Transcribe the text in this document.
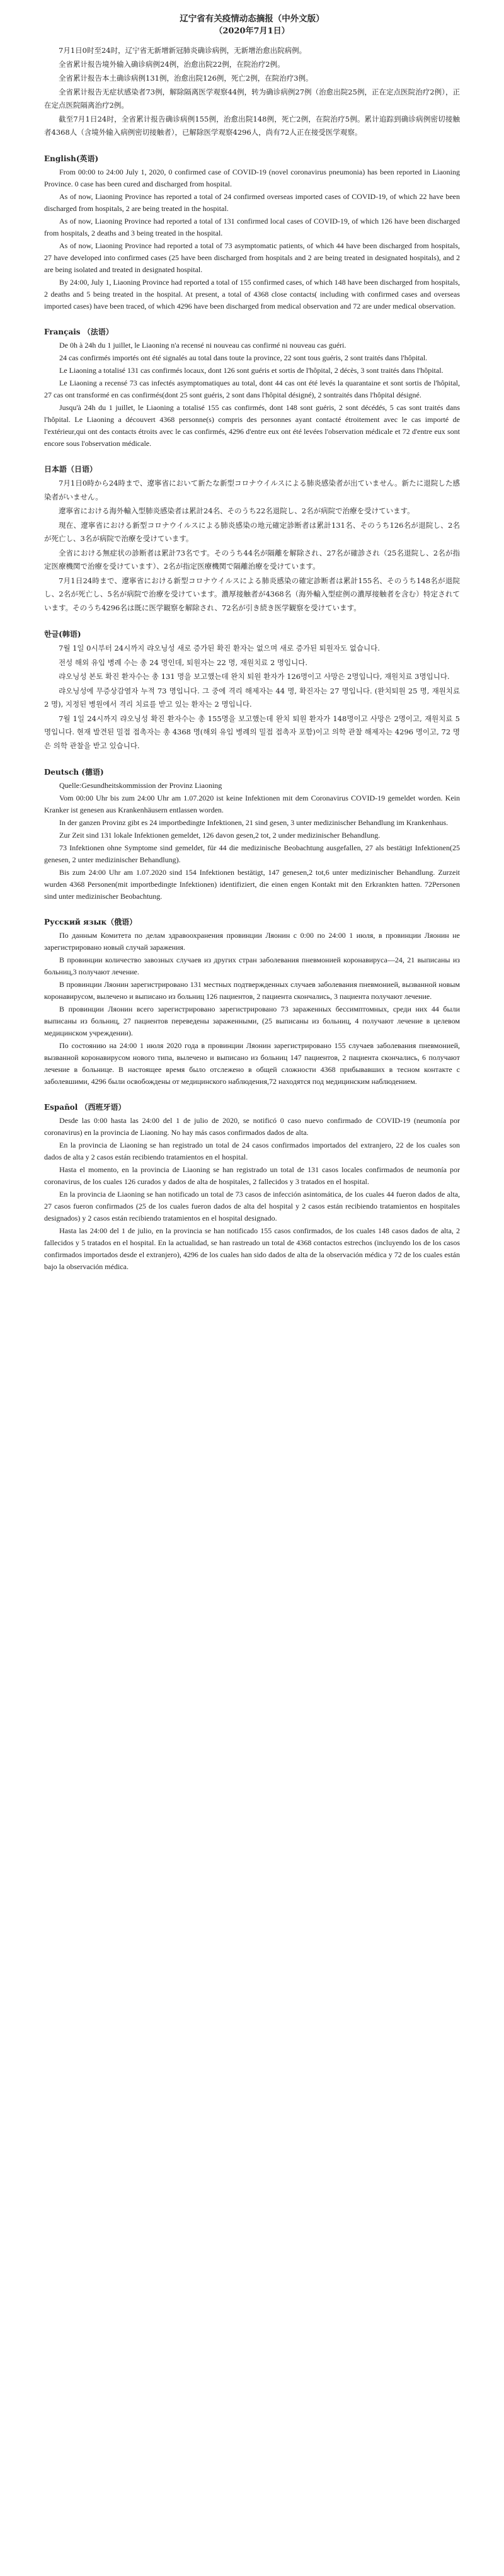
辽宁省有关疫情动态摘报（中外文版）
（2020年7月1日）

7月1日0时至24时，辽宁省无新增新冠肺炎确诊病例，无新增治愈出院病例。

全省累计报告境外输入确诊病例24例，治愈出院22例，在院治疗2例。

全省累计报告本土确诊病例131例，治愈出院126例，死亡2例，在院治疗3例。

全省累计报告无症状感染者73例，解除隔离医学观察44例，转为确诊病例27例（治愈出院25例，正在定点医院治疗2例），正在定点医院隔离治疗2例。

截至7月1日24时，全省累计报告确诊病例155例，治愈出院148例，死亡2例，在院治疗5例。累计追踪到确诊病例密切接触者4368人（含境外输入病例密切接触者），已解除医学观察4296人，尚有72人正在接受医学观察。

English(英语)

From 00:00 to 24:00 July 1, 2020, 0 confirmed case of COVID-19 (novel coronavirus pneumonia) has been reported in Liaoning Province. 0 case has been cured and discharged from hospital.

As of now, Liaoning Province has reported a total of 24 confirmed overseas imported cases of COVID-19, of which 22 have been discharged from hospitals, 2 are being treated in the hospital.

As of now, Liaoning Province had reported a total of 131 confirmed local cases of COVID-19, of which 126 have been discharged from hospitals, 2 deaths and 3 being treated in the hospital.

As of now, Liaoning Province had reported a total of 73 asymptomatic patients, of which 44 have been discharged from hospitals, 27 have developed into confirmed cases (25 have been discharged from hospitals and 2 are being treated in designated hospitals), and 2 are being isolated and treated in designated hospital.

By 24:00, July 1, Liaoning Province had reported a total of 155 confirmed cases, of which 148 have been discharged from hospitals, 2 deaths and 5 being treated in the hospital. At present, a total of 4368 close contacts( including with confirmed cases and overseas imported cases) have been traced, of which 4296 have been discharged from medical observation and 72 are under medical observation.

Français （法语）

De 0h à 24h du 1 juillet, le Liaoning n'a recensé ni nouveau cas confirmé ni nouveau cas guéri.

24 cas confirmés importés ont été signalés au total dans toute la province, 22 sont tous guéris, 2 sont traités dans l'hôpital.

Le Liaoning a totalisé 131 cas confirmés locaux, dont 126 sont guéris et sortis de l'hôpital, 2 décès, 3 sont traités dans l'hôpital.

Le Liaoning a recensé 73 cas infectés asymptomatiques au total, dont 44 cas ont été levés la quarantaine et sont sortis de l'hôpital, 27 cas ont transformé en cas confirmés(dont 25 sont guéris, 2 sont dans l'hôpital désigné), 2 sontraités dans l'hôpital désigné.

Jusqu'à 24h du 1 juillet, le Liaoning a totalisé 155 cas confirmés, dont 148 sont guéris, 2 sont décédés, 5 cas sont traités dans l'hôpital. Le Liaoning a découvert 4368 personne(s) compris des personnes ayant contacté étroitement avec le cas importé de l'extérieur,qui ont des contacts étroits avec le cas confirmés, 4296 d'entre eux ont été levées l'observation médicale et 72 d'entre eux sont encore sous l'observation médicale.

日本語（日语）

7月1日0時から24時まで、遼寧省において新たな新型コロナウイルスによる肺炎感染者が出ていません。新たに退院した感染者がいません。

遼寧省における海外輸入型肺炎感染者は累計24名、そのうち22名退院し、2名が病院で治療を受けています。

現在、遼寧省における新型コロナウイルスによる肺炎感染の地元確定診断者は累計131名、そのうち126名が退院し、2名が死亡し、3名が病院で治療を受けています。

全省における無症状の診断者は累計73名です。そのうち44名が隔離を解除され、27名が確診され（25名退院し、2名が指定医療機関で治療を受けています）、2名が指定医療機関で隔離治療を受けています。

7月1日24時まで、遼寧省における新型コロナウイルスによる肺炎感染の確定診断者は累計155名、そのうち148名が退院し、2名が死亡し、5名が病院で治療を受けています。濃厚接触者が4368名（海外輸入型症例の濃厚接触者を含む）特定されています。そのうち4296名は既に医学観察を解除され、72名が引き続き医学観察を受けています。

한글(韩语)

7월 1일 0시부터 24시까지 랴오닝성 새로 증가된 확진 환자는 없으며 새로 증가된 퇴원자도 없습니다.

전성 해외 유입 병례 수는 총 24 명인데, 퇴원자는 22 명, 재원치료 2 명입니다.

랴오닝성 본토 확진 환자수는 총 131 명을 보고했는데 완치 퇴원 환자가 126명이고 사망은 2명입니다, 재원치료 3명입니다.

랴오닝성에 무증상감염자 누적 73 명입니다. 그 중에 격리 해제자는 44 명, 확진자는 27 명입니다. (완치퇴원 25 명, 재원치료 2 명), 지정된 병원에서 격리 치료를 받고 있는 환자는 2 명입니다.

7월 1일 24시까지 랴오닝성 확진 환자수는 총 155명을 보고했는데 완치 퇴원 환자가 148명이고 사망은 2명이고, 재원치료 5명입니다. 현재 발견된 밀접 접촉자는 총 4368 명(해외 유입 병례의 밀접 접촉자 포함)이고 의학 관찰 해제자는 4296 명이고, 72 명은 의학 관찰을 받고 있습니다.

Deutsch (德语)

Quelle:Gesundheitskommission der Provinz Liaoning

Vom 00:00 Uhr bis zum 24:00 Uhr am 1.07.2020 ist keine Infektionen mit dem Coronavirus COVID-19 gemeldet worden. Kein Kranker ist genesen aus Krankenhäusern entlassen worden.

In der ganzen Provinz gibt es 24 importbedingte Infektionen, 21 sind gesen, 3 unter medizinischer Behandlung im Krankenhaus.

Zur Zeit sind 131 lokale Infektionen gemeldet, 126 davon gesen,2 tot, 2 under medizinischer Behandlung.

73 Infektionen ohne Symptome sind gemeldet, für 44 die medizinische Beobachtung ausgefallen, 27 als bestätigt Infektionen(25 genesen, 2 unter medizinischer Behandlung).

Bis zum 24:00 Uhr am 1.07.2020 sind 154 Infektionen bestätigt, 147 genesen,2 tot,6 unter medizinischer Behandlung. Zurzeit wurden 4368 Personen(mit importbedingte Infektionen) identifiziert, die einen engen Kontakt mit den Erkrankten hatten. 72Personen sind unter medizinischer Beobachtung.

Русский язык（俄语）

По данным Комитета по делам здравоохранения провинции Ляонин с 0:00 по 24:00 1 июля, в провинции Ляонин не зарегистрировано новый случай заражения.

В провинции количество завозных случаев из других стран заболевания пневмонией коронавируса—24, 21 выписаны из больниц,3 получают лечение.

В провинции Ляонин зарегистрировано 131 местных подтвержденных случаев заболевания пневмонией, вызванной новым коронавирусом, вылечено и выписано из больниц 126 пациентов, 2 пациента скончались, 3 пациента получают лечение.

В провинции Ляонин всего зарегистрировано зарегистрировано 73 зараженных бессимптомных, среди них 44 были выписаны из больниц, 27 пациентов переведены зараженными, (25 выписаны из больниц, 4 получают лечение в целевом медицинском учреждении).

По состоянию на 24:00 1 июля 2020 года в провинции Ляонин зарегистрировано 155 случаев заболевания пневмонией, вызванной коронавирусом нового типа, вылечено и выписано из больниц 147 пациентов, 2 пациента скончались, 6 получают лечение в больнице. В настоящее время было отслежено в общей сложности 4368 прибывавших в тесном контакте с заболевшими, 4296 были освобождены от медицинского наблюдения,72 находятся под медицинским наблюдением.

Español （西班牙语）

Desde las 0:00 hasta las 24:00 del 1 de julio de 2020, se notificó 0 caso nuevo confirmado de COVID-19 (neumonía por coronavirus) en la provincia de Liaoning. No hay más casos confirmados dados de alta.

En la provincia de Liaoning se han registrado un total de 24 casos confirmados importados del extranjero, 22 de los cuales son dados de alta y 2 casos están recibiendo tratamientos en el hospital.

Hasta el momento, en la provincia de Liaoning se han registrado un total de 131 casos locales confirmados de neumonía por coronavirus, de los cuales 126 curados y dados de alta de hospitales, 2 fallecidos y 3 tratados en el hospital.

En la provincia de Liaoning se han notificado un total de 73 casos de infección asintomática, de los cuales 44 fueron dados de alta, 27 casos fueron confirmados (25 de los cuales fueron dados de alta del hospital y 2 casos están recibiendo tratamientos en hospitales designados) y 2 casos están recibiendo tratamientos en el hospital designado.

Hasta las 24:00 del 1 de julio, en la provincia se han notificado 155 casos confirmados, de los cuales 148 casos dados de alta, 2 fallecidos y 5 tratados en el hospital. En la actualidad, se han rastreado un total de 4368 contactos estrechos (incluyendo los de los casos confirmados importados desde el extranjero), 4296 de los cuales han sido dados de alta de la observación médica y 72 de los cuales están bajo la observación médica.
